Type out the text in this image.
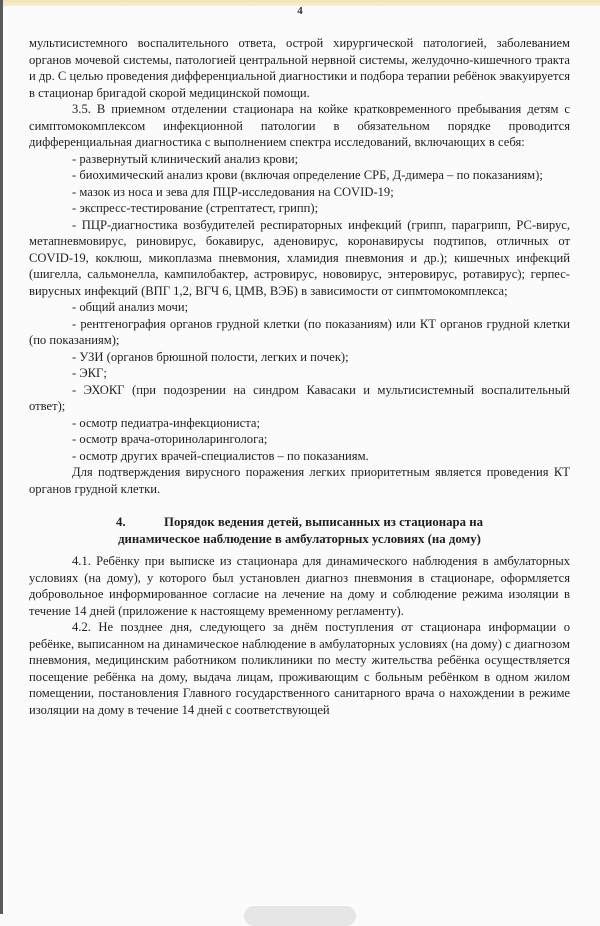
4

мультисистемного воспалительного ответа, острой хирургической патологией, заболеванием органов мочевой системы, патологией центральной нервной системы, желудочно-кишечного тракта и др. С целью проведения дифференциальной диагностики и подбора терапии ребёнок эвакуируется в стационар бригадой скорой медицинской помощи.

3.5. В приемном отделении стационара на койке кратковременного пребывания детям с симптомокомплексом инфекционной патологии в обязательном порядке проводится дифференциальная диагностика с выполнением спектра исследований, включающих в себя:

- развернутый клинический анализ крови;

- биохимический анализ крови (включая определение СРБ, Д-димера – по показаниям);

- мазок из носа и зева для ПЦР-исследования на COVID-19;

- экспресс-тестирование (стрептатест, грипп);

- ПЦР-диагностика возбудителей респираторных инфекций (грипп, парагрипп, РС-вирус, метапневмовирус, риновирус, бокавирус, аденовирус, коронавирусы подтипов, отличных от COVID-19, коклюш, микоплазма пневмония, хламидия пневмония и др.); кишечных инфекций (шигелла, сальмонелла, кампилобактер, астровирус, нововирус, энтеровирус, ротавирус); герпес-вирусных инфекций (ВПГ 1,2, ВГЧ 6, ЦМВ, ВЭБ) в зависимости от сипмтомокомплекса;

- общий анализ мочи;

- рентгенография органов грудной клетки (по показаниям) или КТ органов грудной клетки (по показаниям);

- УЗИ (органов брюшной полости, легких и почек);

- ЭКГ;

- ЭХОКГ (при подозрении на синдром Кавасаки и мультисистемный воспалительный ответ);

- осмотр педиатра-инфекциониста;

- осмотр врача-оториноларинголога;

- осмотр других врачей-специалистов – по показаниям.

Для подтверждения вирусного поражения легких приоритетным является проведения КТ органов грудной клетки.

4.	Порядок ведения детей, выписанных из стационара на
динамическое наблюдение в амбулаторных условиях (на дому)

4.1. Ребёнку при выписке из стационара для динамического наблюдения в амбулаторных условиях (на дому), у которого был установлен диагноз пневмония в стационаре, оформляется добровольное информированное согласие на лечение на дому и соблюдение режима изоляции в течение 14 дней (приложение к настоящему временному регламенту).

4.2. Не позднее дня, следующего за днём поступления от стационара информации о ребёнке, выписанном на динамическое наблюдение в амбулаторных условиях (на дому) с диагнозом пневмония, медицинским работником поликлиники по месту жительства ребёнка осуществляется посещение ребёнка на дому, выдача лицам, проживающим с больным ребёнком в одном жилом помещении, постановления Главного государственного санитарного врача о нахождении в режиме изоляции на дому в течение 14 дней с соответствующей
